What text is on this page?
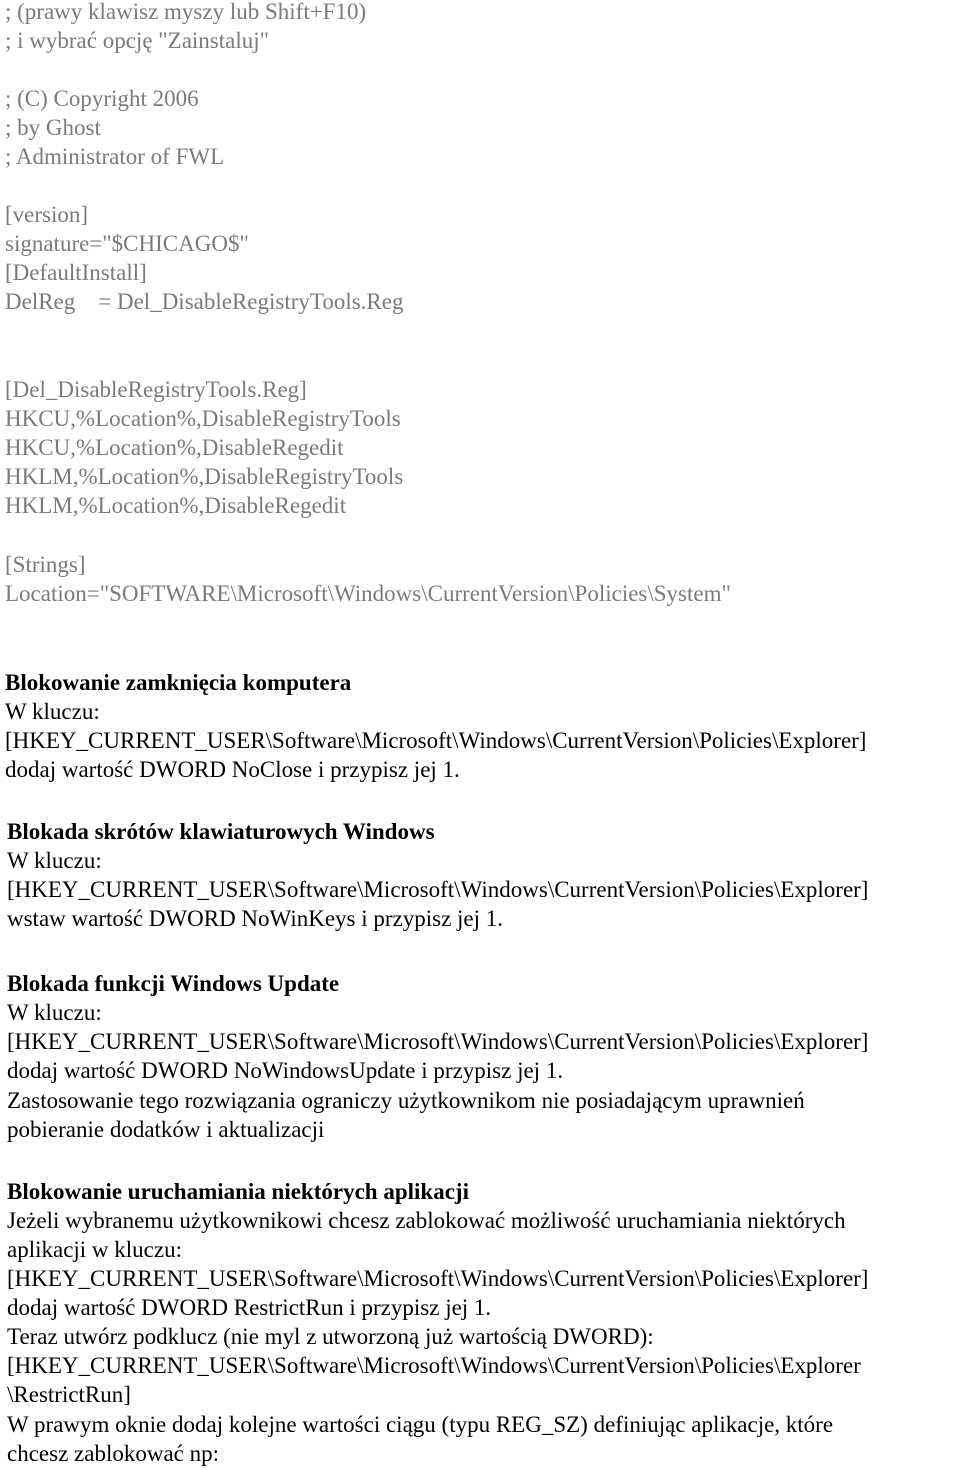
; (prawy klawisz myszy lub Shift+F10)
; i wybrać opcję "Zainstaluj"
; (C) Copyright 2006
; by Ghost
; Administrator of FWL
[version]
signature="$CHICAGO$"
[DefaultInstall]
DelReg    = Del_DisableRegistryTools.Reg
[Del_DisableRegistryTools.Reg]
HKCU,%Location%,DisableRegistryTools
HKCU,%Location%,DisableRegedit
HKLM,%Location%,DisableRegistryTools
HKLM,%Location%,DisableRegedit
[Strings]
Location="SOFTWARE\Microsoft\Windows\CurrentVersion\Policies\System"
Blokowanie zamknięcia komputera
W kluczu:
[HKEY_CURRENT_USER\Software\Microsoft\Windows\CurrentVersion\Policies\Explorer]
dodaj wartość DWORD NoClose i przypisz jej 1.
Blokada skrótów klawiaturowych Windows
W kluczu:
[HKEY_CURRENT_USER\Software\Microsoft\Windows\CurrentVersion\Policies\Explorer]
wstaw wartość DWORD NoWinKeys i przypisz jej 1.
Blokada funkcji Windows Update
W kluczu:
[HKEY_CURRENT_USER\Software\Microsoft\Windows\CurrentVersion\Policies\Explorer]
dodaj wartość DWORD NoWindowsUpdate i przypisz jej 1.
Zastosowanie tego rozwiązania ograniczy użytkownikom nie posiadającym uprawnień
pobieranie dodatków i aktualizacji
Blokowanie uruchamiania niektórych aplikacji
Jeżeli wybranemu użytkownikowi chcesz zablokować możliwość uruchamiania niektórych
aplikacji w kluczu:
[HKEY_CURRENT_USER\Software\Microsoft\Windows\CurrentVersion\Policies\Explorer]
dodaj wartość DWORD RestrictRun i przypisz jej 1.
Teraz utwórz podklucz (nie myl z utworzoną już wartością DWORD):
[HKEY_CURRENT_USER\Software\Microsoft\Windows\CurrentVersion\Policies\Explorer
\RestrictRun]
W prawym oknie dodaj kolejne wartości ciągu (typu REG_SZ) definiując aplikacje, które
chcesz zablokować np:
